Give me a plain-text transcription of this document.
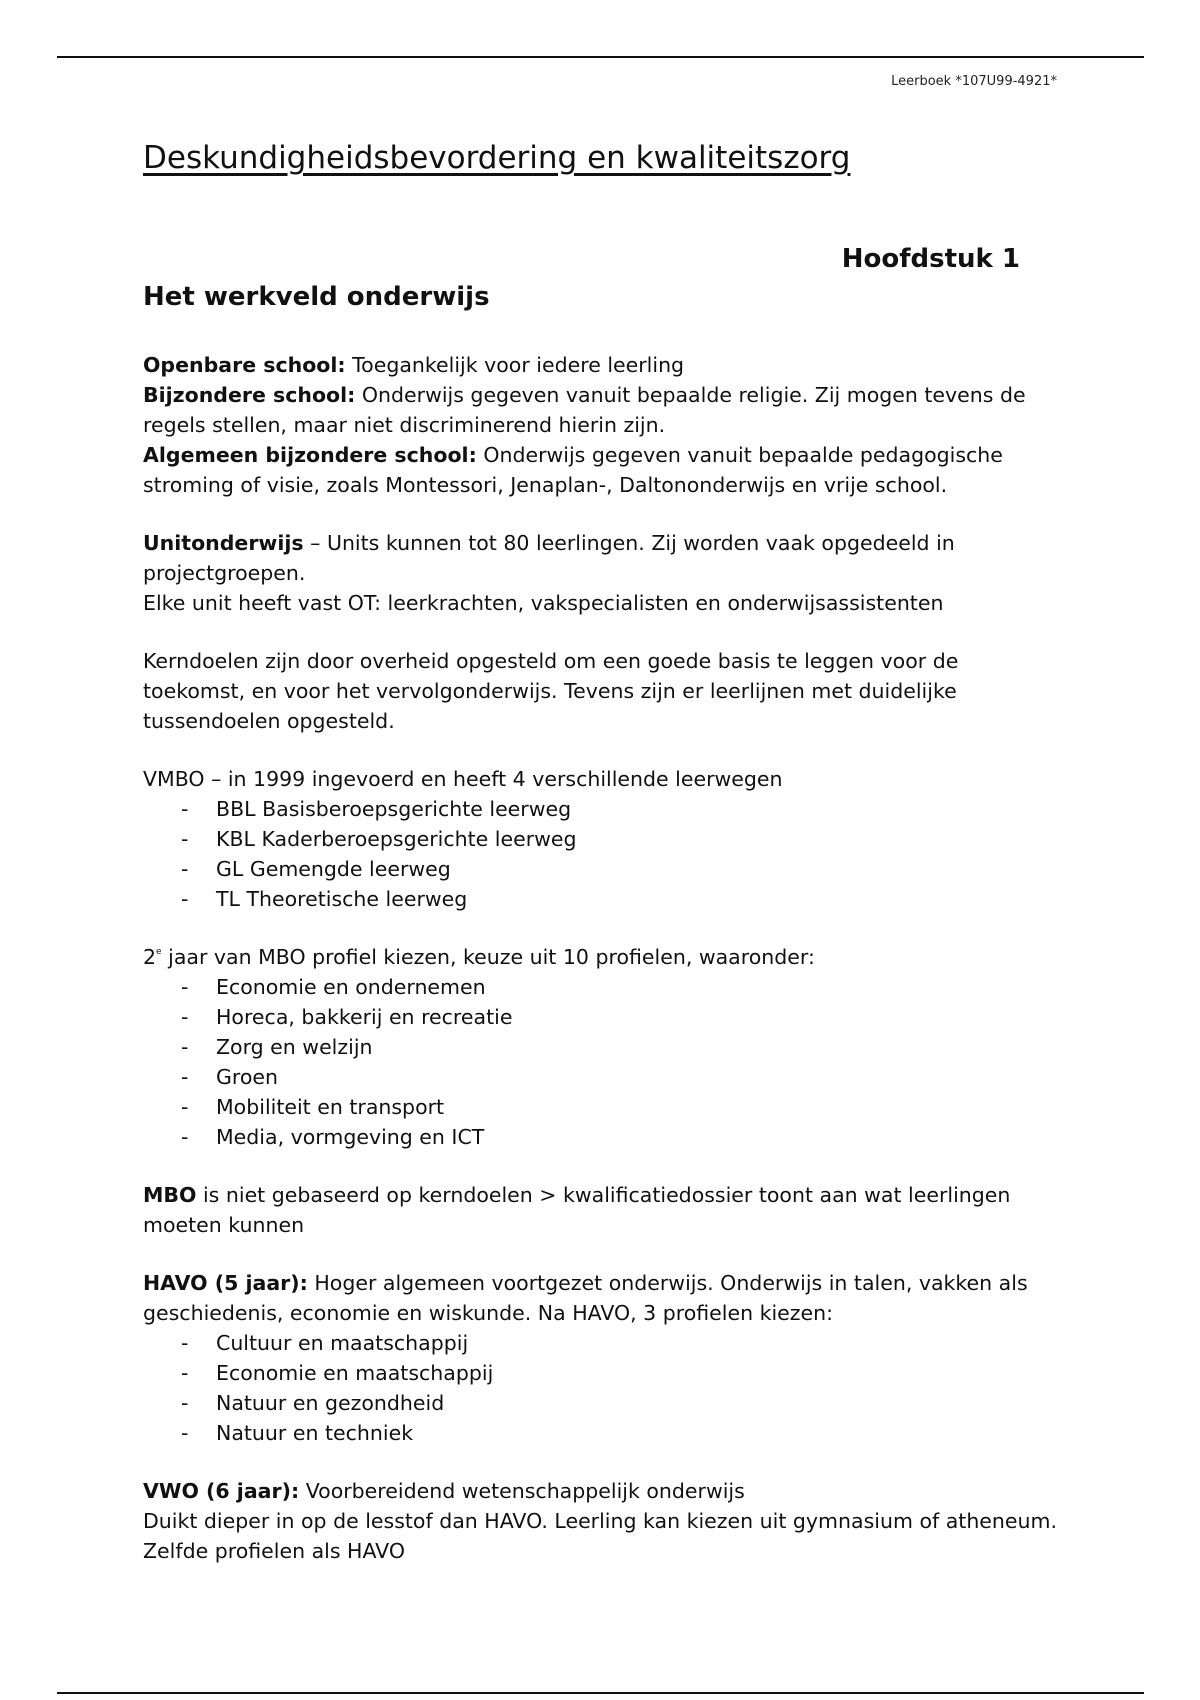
Leerboek *107U99-4921*
Deskundigheidsbevordering en kwaliteitszorg
Hoofdstuk 1
Het werkveld onderwijs

Openbare school: Toegankelijk voor iedere leerling

Bijzondere school: Onderwijs gegeven vanuit bepaalde religie. Zij mogen tevens de regels stellen, maar niet discriminerend hierin zijn.

Algemeen bijzondere school: Onderwijs gegeven vanuit bepaalde pedagogische stroming of visie, zoals Montessori, Jenaplan-, Daltononderwijs en vrije school.

Unitonderwijs – Units kunnen tot 80 leerlingen. Zij worden vaak opgedeeld in projectgroepen.

Elke unit heeft vast OT: leerkrachten, vakspecialisten en onderwijsassistenten

Kerndoelen zijn door overheid opgesteld om een goede basis te leggen voor de toekomst, en voor het vervolgonderwijs. Tevens zijn er leerlijnen met duidelijke tussendoelen opgesteld.

VMBO – in 1999 ingevoerd en heeft 4 verschillende leerwegen

- BBL Basisberoepsgerichte leerweg
- KBL Kaderberoepsgerichte leerweg
- GL Gemengde leerweg
- TL Theoretische leerweg

2e jaar van MBO profiel kiezen, keuze uit 10 profielen, waaronder:

- Economie en ondernemen
- Horeca, bakkerij en recreatie
- Zorg en welzijn
- Groen
- Mobiliteit en transport
- Media, vormgeving en ICT

MBO is niet gebaseerd op kerndoelen > kwalificatiedossier toont aan wat leerlingen moeten kunnen

HAVO (5 jaar): Hoger algemeen voortgezet onderwijs. Onderwijs in talen, vakken als geschiedenis, economie en wiskunde. Na HAVO, 3 profielen kiezen:

- Cultuur en maatschappij
- Economie en maatschappij
- Natuur en gezondheid
- Natuur en techniek

VWO (6 jaar): Voorbereidend wetenschappelijk onderwijs

Duikt dieper in op de lesstof dan HAVO. Leerling kan kiezen uit gymnasium of atheneum.

Zelfde profielen als HAVO
